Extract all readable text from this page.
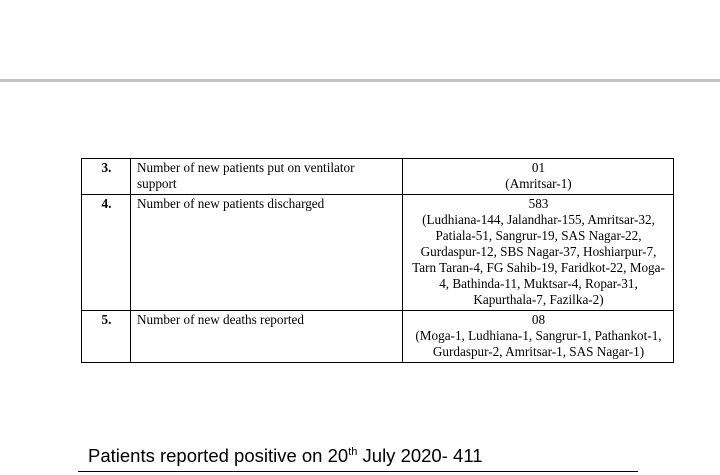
3.	Number of new patients put on ventilator support	01
(Amritsar-1)

4.	Number of new patients discharged	583
(Ludhiana-144, Jalandhar-155, Amritsar-32, Patiala-51, Sangrur-19, SAS Nagar-22, Gurdaspur-12, SBS Nagar-37, Hoshiarpur-7, Tarn Taran-4, FG Sahib-19, Faridkot-22, Moga-4, Bathinda-11, Muktsar-4, Ropar-31, Kapurthala-7, Fazilka-2)

5.	Number of new deaths reported	08
(Moga-1, Ludhiana-1, Sangrur-1, Pathankot-1, Gurdaspur-2, Amritsar-1, SAS Nagar-1)
Patients reported positive on 20th July 2020- 411
